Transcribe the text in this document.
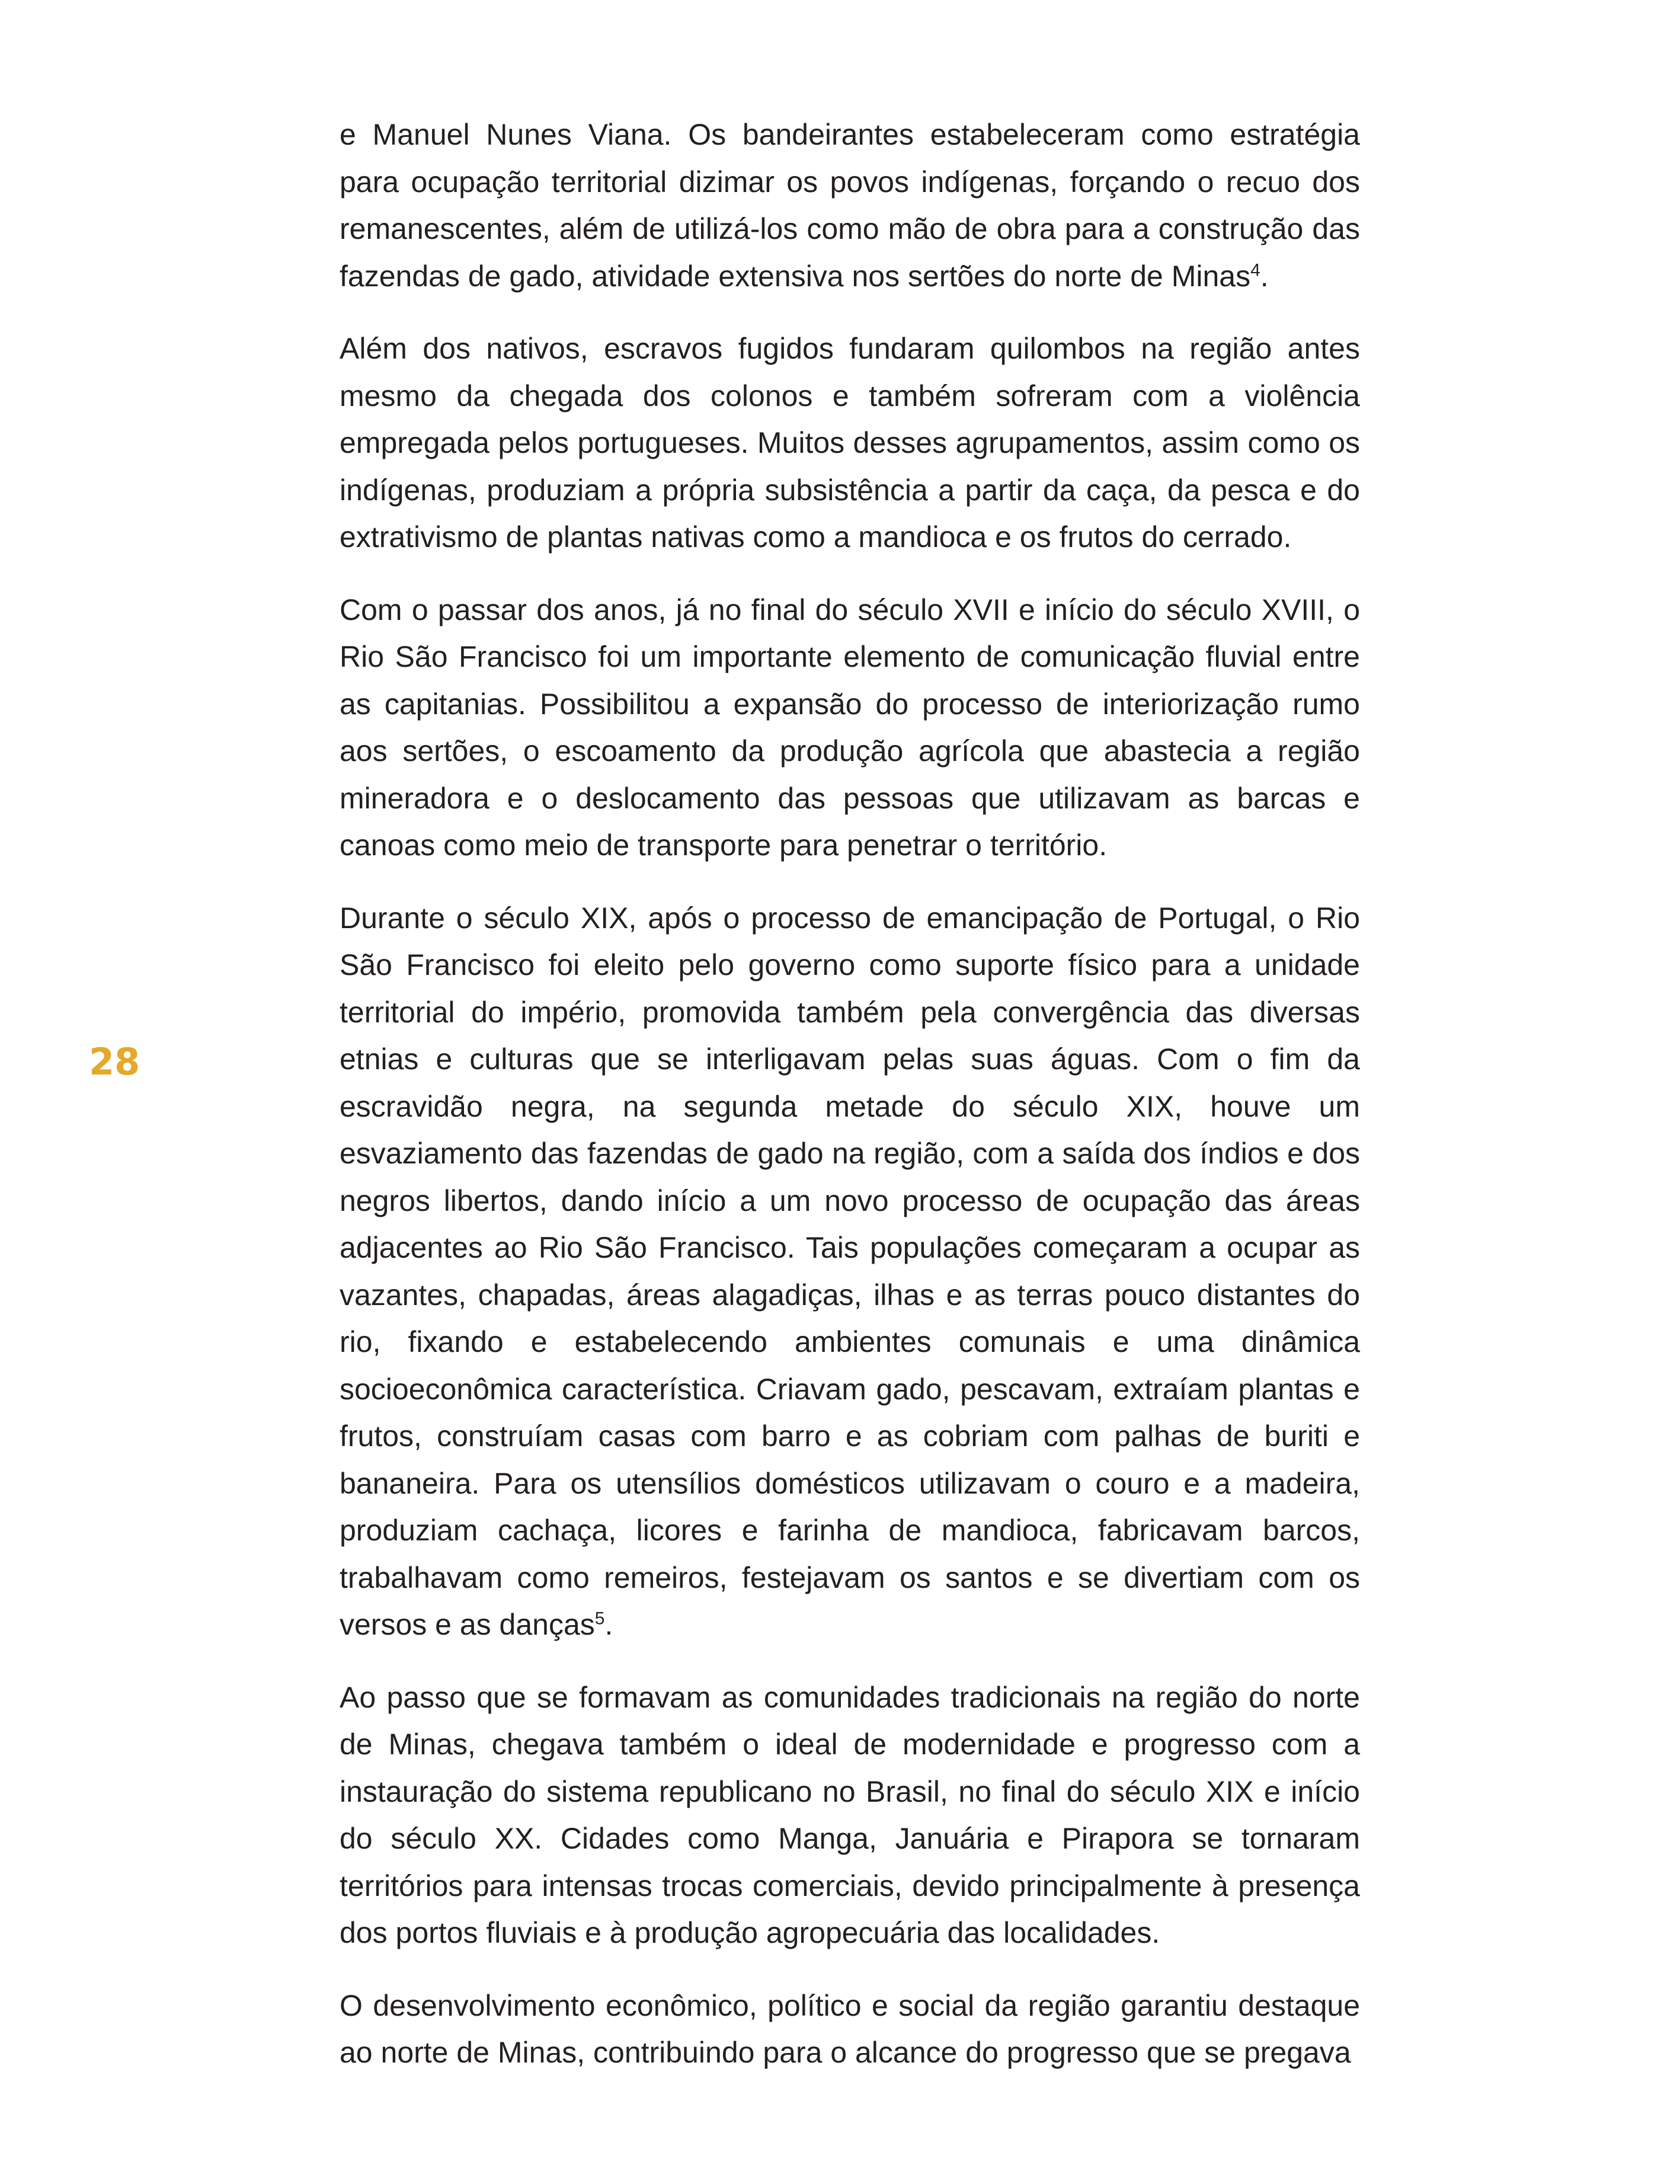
28

e Manuel Nunes Viana. Os bandeirantes estabeleceram como estratégia para ocupação territorial dizimar os povos indígenas, forçando o recuo dos remanescentes, além de utilizá-los como mão de obra para a construção das fazendas de gado, atividade extensiva nos sertões do norte de Minas$^4$.

Além dos nativos, escravos fugidos fundaram quilombos na região antes mesmo da chegada dos colonos e também sofreram com a violência empregada pelos portugueses. Muitos desses agrupamentos, assim como os indígenas, produziam a própria subsistência a partir da caça, da pesca e do extrativismo de plantas nativas como a mandioca e os frutos do cerrado.

Com o passar dos anos, já no final do século XVII e início do século XVIII, o Rio São Francisco foi um importante elemento de comunicação fluvial entre as capitanias. Possibilitou a expansão do processo de interiorização rumo aos sertões, o escoamento da produção agrícola que abastecia a região mineradora e o deslocamento das pessoas que utilizavam as barcas e canoas como meio de transporte para penetrar o território.

Durante o século XIX, após o processo de emancipação de Portugal, o Rio São Francisco foi eleito pelo governo como suporte físico para a unidade territorial do império, promovida também pela convergência das diversas etnias e culturas que se interligavam pelas suas águas. Com o fim da escravidão negra, na segunda metade do século XIX, houve um esvaziamento das fazendas de gado na região, com a saída dos índios e dos negros libertos, dando início a um novo processo de ocupação das áreas adjacentes ao Rio São Francisco. Tais populações começaram a ocupar as vazantes, chapadas, áreas alagadiças, ilhas e as terras pouco distantes do rio, fixando e estabelecendo ambientes comunais e uma dinâmica socioeconômica característica. Criavam gado, pescavam, extraíam plantas e frutos, construíam casas com barro e as cobriam com palhas de buriti e bananeira. Para os utensílios domésticos utilizavam o couro e a madeira, produziam cachaça, licores e farinha de mandioca, fabricavam barcos, trabalhavam como remeiros, festejavam os santos e se divertiam com os versos e as danças$^5$.

Ao passo que se formavam as comunidades tradicionais na região do norte de Minas, chegava também o ideal de modernidade e progresso com a instauração do sistema republicano no Brasil, no final do século XIX e início do século XX. Cidades como Manga, Januária e Pirapora se tornaram territórios para intensas trocas comerciais, devido principalmente à presença dos portos fluviais e à produção agropecuária das localidades.

O desenvolvimento econômico, político e social da região garantiu destaque ao norte de Minas, contribuindo para o alcance do progresso que se pregava
